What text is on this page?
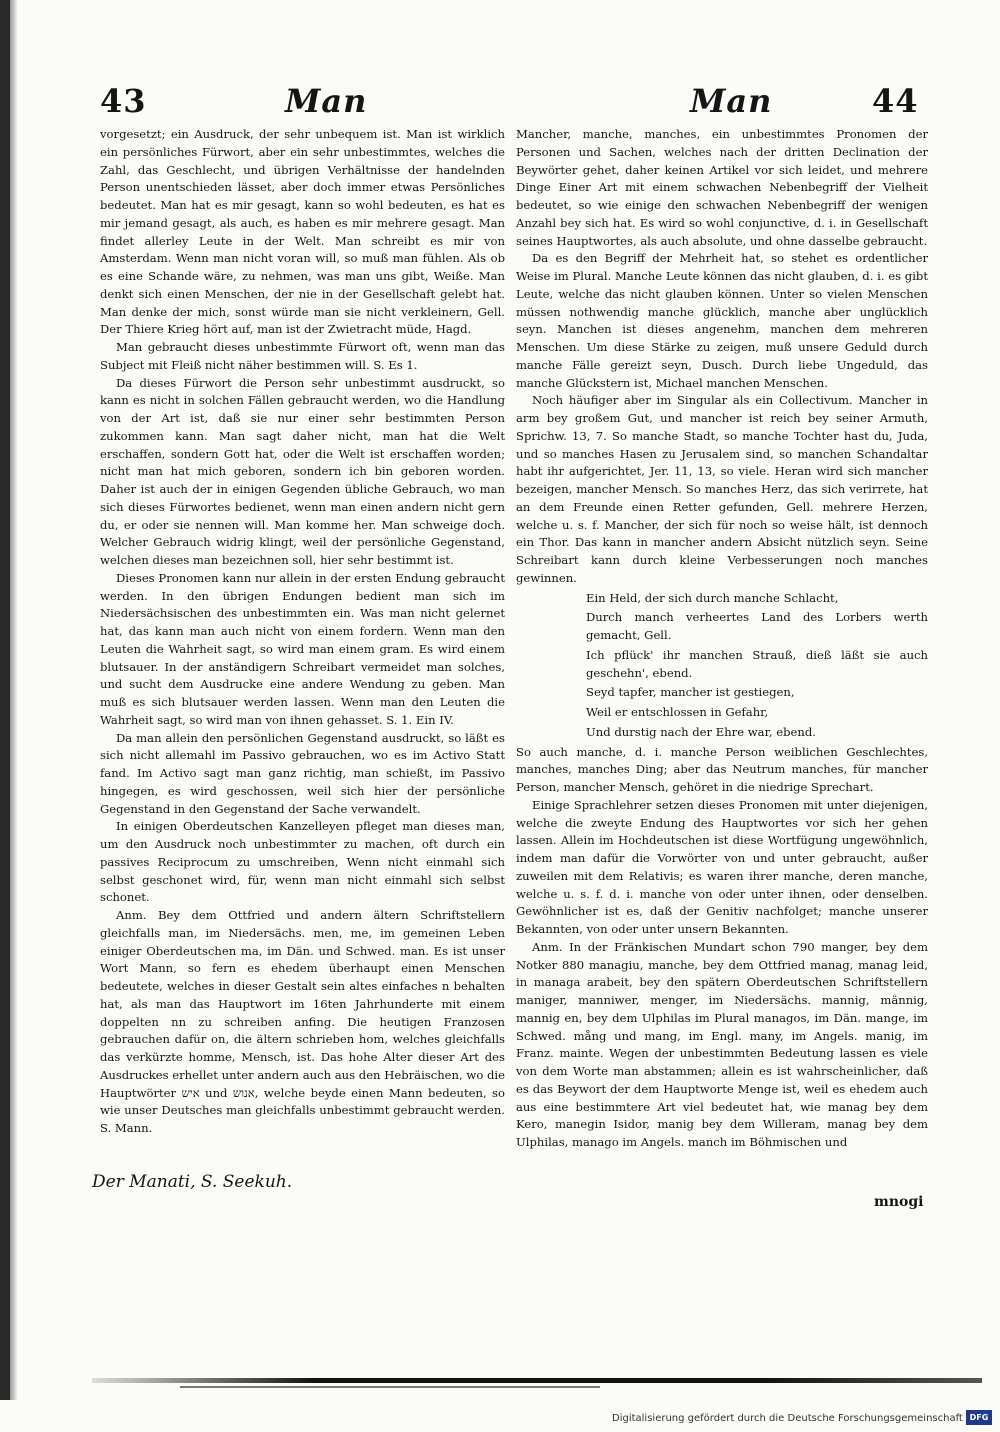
43	Man	Man	44

vorgesetzt; ein Ausdruck, der sehr unbequem ist. Man ist wirklich ein persönliches Fürwort, aber ein sehr unbestimmtes, welches die Zahl, das Geschlecht, und übrigen Verhältnisse der handelnden Person unentschieden lässet, aber doch immer etwas Persönliches bedeutet. Man hat es mir gesagt, kann so wohl bedeuten, es hat es mir jemand gesagt, als auch, es haben es mir mehrere gesagt. Man findet allerley Leute in der Welt. Man schreibt es mir von Amsterdam. Wenn man nicht voran will, so muß man fühlen. Als ob es eine Schande wäre, zu nehmen, was man uns gibt, Weiße. Man denkt sich einen Menschen, der nie in der Gesellschaft gelebt hat. Man denke der mich, sonst würde man sie nicht verkleinern, Gell. Der Thiere Krieg hört auf, man ist der Zwietracht müde, Hagd.

Man gebraucht dieses unbestimmte Fürwort oft, wenn man das Subject mit Fleiß nicht näher bestimmen will. S. Es 1.

Da dieses Fürwort die Person sehr unbestimmt ausdruckt, so kann es nicht in solchen Fällen gebraucht werden, wo die Handlung von der Art ist, daß sie nur einer sehr bestimmten Person zukommen kann. Man sagt daher nicht, man hat die Welt erschaffen, sondern Gott hat, oder die Welt ist erschaffen worden; nicht man hat mich geboren, sondern ich bin geboren worden. Daher ist auch der in einigen Gegenden übliche Gebrauch, wo man sich dieses Fürwortes bedienet, wenn man einen andern nicht gern du, er oder sie nennen will. Man komme her. Man schweige doch. Welcher Gebrauch widrig klingt, weil der persönliche Gegenstand, welchen dieses man bezeichnen soll, hier sehr bestimmt ist.

Dieses Pronomen kann nur allein in der ersten Endung gebraucht werden. In den übrigen Endungen bedient man sich im Niedersächsischen des unbestimmten ein. Was man nicht gelernet hat, das kann man auch nicht von einem fordern. Wenn man den Leuten die Wahrheit sagt, so wird man einem gram. Es wird einem blutsauer. In der anständigern Schreibart vermeidet man solches, und sucht dem Ausdrucke eine andere Wendung zu geben. Man muß es sich blutsauer werden lassen. Wenn man den Leuten die Wahrheit sagt, so wird man von ihnen gehasset. S. 1. Ein IV.

Da man allein den persönlichen Gegenstand ausdruckt, so läßt es sich nicht allemahl im Passivo gebrauchen, wo es im Activo Statt fand. Im Activo sagt man ganz richtig, man schießt, im Passivo hingegen, es wird geschossen, weil sich hier der persönliche Gegenstand in den Gegenstand der Sache verwandelt.

In einigen Oberdeutschen Kanzelleyen pfleget man dieses man, um den Ausdruck noch unbestimmter zu machen, oft durch ein passives Reciprocum zu umschreiben, Wenn nicht einmahl sich selbst geschonet wird, für, wenn man nicht einmahl sich selbst schonet.

Anm. Bey dem Ottfried und andern ältern Schriftstellern gleichfalls man, im Niedersächs. men, me, im gemeinen Leben einiger Oberdeutschen ma, im Dän. und Schwed. man. Es ist unser Wort Mann, so fern es ehedem überhaupt einen Menschen bedeutete, welches in dieser Gestalt sein altes einfaches n behalten hat, als man das Hauptwort im 16ten Jahrhunderte mit einem doppelten nn zu schreiben anfing. Die heutigen Franzosen gebrauchen dafür on, die ältern schrieben hom, welches gleichfalls das verkürzte homme, Mensch, ist. Das hohe Alter dieser Art des Ausdruckes erhellet unter andern auch aus den Hebräischen, wo die Hauptwörter איש und אנוש, welche beyde einen Mann bedeuten, so wie unser Deutsches man gleichfalls unbestimmt gebraucht werden. S. Mann.

Der Manati, S. Seekuh.

Mancher, manche, manches, ein unbestimmtes Pronomen der Personen und Sachen, welches nach der dritten Declination der Beywörter gehet, daher keinen Artikel vor sich leidet, und mehrere Dinge Einer Art mit einem schwachen Nebenbegriff der Vielheit bedeutet, so wie einige den schwachen Nebenbegriff der wenigen Anzahl bey sich hat. Es wird so wohl conjunctive, d. i. in Gesellschaft seines Hauptwortes, als auch absolute, und ohne dasselbe gebraucht.

Da es den Begriff der Mehrheit hat, so stehet es ordentlicher Weise im Plural. Manche Leute können das nicht glauben, d. i. es gibt Leute, welche das nicht glauben können. Unter so vielen Menschen müssen nothwendig manche glücklich, manche aber unglücklich seyn. Manchen ist dieses angenehm, manchen dem mehreren Menschen. Um diese Stärke zu zeigen, muß unsere Geduld durch manche Fälle gereizt seyn, Dusch. Durch liebe Ungeduld, das manche Glückstern ist, Michael manchen Menschen.

Noch häufiger aber im Singular als ein Collectivum. Mancher in arm bey großem Gut, und mancher ist reich bey seiner Armuth, Sprichw. 13, 7. So manche Stadt, so manche Tochter hast du, Juda, und so manches Hasen zu Jerusalem sind, so manchen Schandaltar habt ihr aufgerichtet, Jer. 11, 13, so viele. Heran wird sich mancher bezeigen, mancher Mensch. So manches Herz, das sich verirrete, hat an dem Freunde einen Retter gefunden, Gell. mehrere Herzen, welche u. s. f. Mancher, der sich für noch so weise hält, ist dennoch ein Thor. Das kann in mancher andern Absicht nützlich seyn. Seine Schreibart kann durch kleine Verbesserungen noch manches gewinnen.

Ein Held, der sich durch manche Schlacht,

Durch manch verheertes Land des Lorbers werth gemacht, Gell.

Ich pflück' ihr manchen Strauß, dieß läßt sie auch geschehn', ebend.

Seyd tapfer, mancher ist gestiegen,

Weil er entschlossen in Gefahr,

Und durstig nach der Ehre war, ebend.

So auch manche, d. i. manche Person weiblichen Geschlechtes, manches, manches Ding; aber das Neutrum manches, für mancher Person, mancher Mensch, gehöret in die niedrige Sprechart.

Einige Sprachlehrer setzen dieses Pronomen mit unter diejenigen, welche die zweyte Endung des Hauptwortes vor sich her gehen lassen. Allein im Hochdeutschen ist diese Wortfügung ungewöhnlich, indem man dafür die Vorwörter von und unter gebraucht, außer zuweilen mit dem Relativis; es waren ihrer manche, deren manche, welche u. s. f. d. i. manche von oder unter ihnen, oder denselben. Gewöhnlicher ist es, daß der Genitiv nachfolget; manche unserer Bekannten, von oder unter unsern Bekannten.

Anm. In der Fränkischen Mundart schon 790 manger, bey dem Notker 880 managiu, manche, bey dem Ottfried manag, manag leid, in managa arabeit, bey den spätern Oberdeutschen Schriftstellern maniger, manniwer, menger, im Niedersächs. mannig, männig, mannig en, bey dem Ulphilas im Plural managos, im Dän. mange, im Schwed. mång und mang, im Engl. many, im Angels. manig, im Franz. mainte. Wegen der unbestimmten Bedeutung lassen es viele von dem Worte man abstammen; allein es ist wahrscheinlicher, daß es das Beywort der dem Hauptworte Menge ist, weil es ehedem auch aus eine bestimmtere Art viel bedeutet hat, wie manag bey dem Kero, manegin Isidor, manig bey dem Willeram, manag bey dem Ulphilas, manago im Angels. manch im Böhmischen und

mnogi
Digitalisierung gefördert durch die Deutsche Forschungsgemeinschaft DFG
